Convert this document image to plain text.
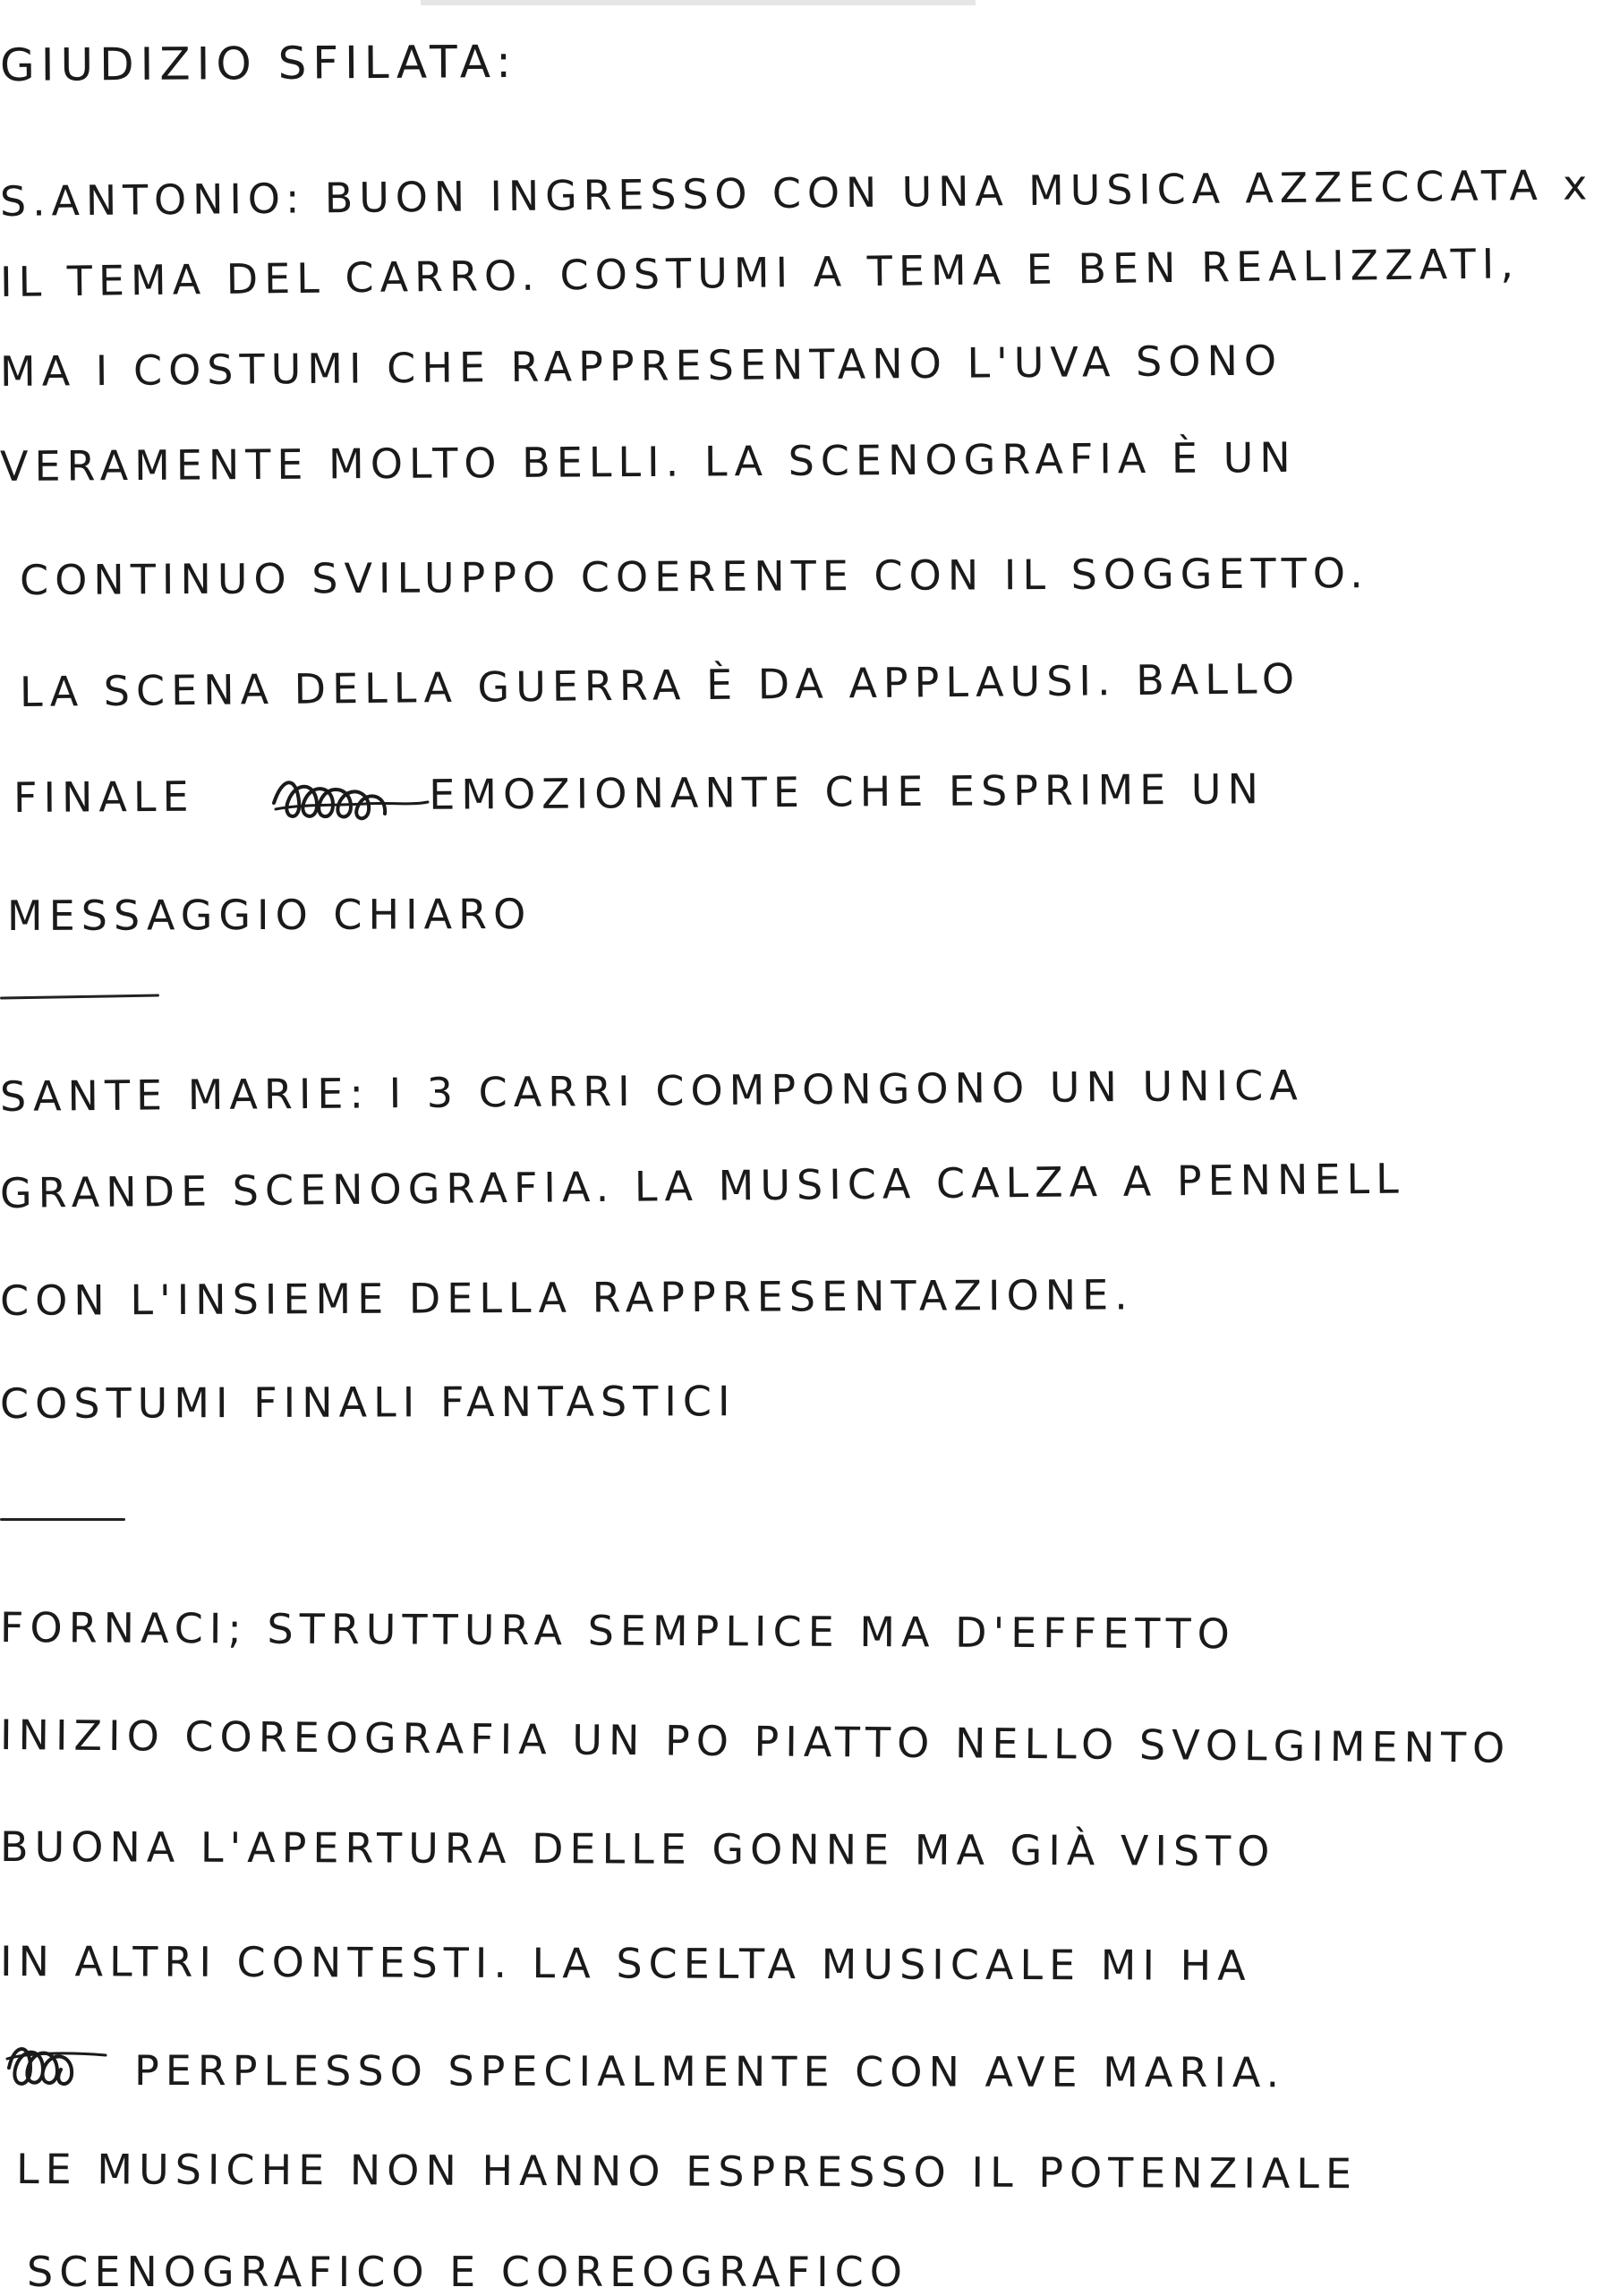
GIUDIZIO SFILATA:
S.ANTONIO: BUON INGRESSO CON UNA MUSICA AZZECCATA x
IL TEMA DEL CARRO. COSTUMI A TEMA E BEN REALIZZATI,
MA I COSTUMI CHE RAPPRESENTANO L'UVA SONO
VERAMENTE MOLTO BELLI. LA SCENOGRAFIA È UN
CONTINUO SVILUPPO COERENTE CON IL SOGGETTO.
LA SCENA DELLA GUERRA È DA APPLAUSI. BALLO
FINALE	EMOZIONANTE CHE ESPRIME UN
MESSAGGIO CHIARO
SANTE MARIE: I 3 CARRI COMPONGONO UN UNICA
GRANDE SCENOGRAFIA. LA MUSICA CALZA A PENNELL
CON L'INSIEME DELLA RAPPRESENTAZIONE.
COSTUMI FINALI FANTASTICI
FORNACI; STRUTTURA SEMPLICE MA D'EFFETTO
INIZIO COREOGRAFIA UN PO PIATTO NELLO SVOLGIMENTO
BUONA L'APERTURA DELLE GONNE MA GIÀ VISTO
IN ALTRI CONTESTI. LA SCELTA MUSICALE MI HA
PERPLESSO SPECIALMENTE CON AVE MARIA.
LE MUSICHE NON HANNO ESPRESSO IL POTENZIALE
SCENOGRAFICO E COREOGRAFICO
